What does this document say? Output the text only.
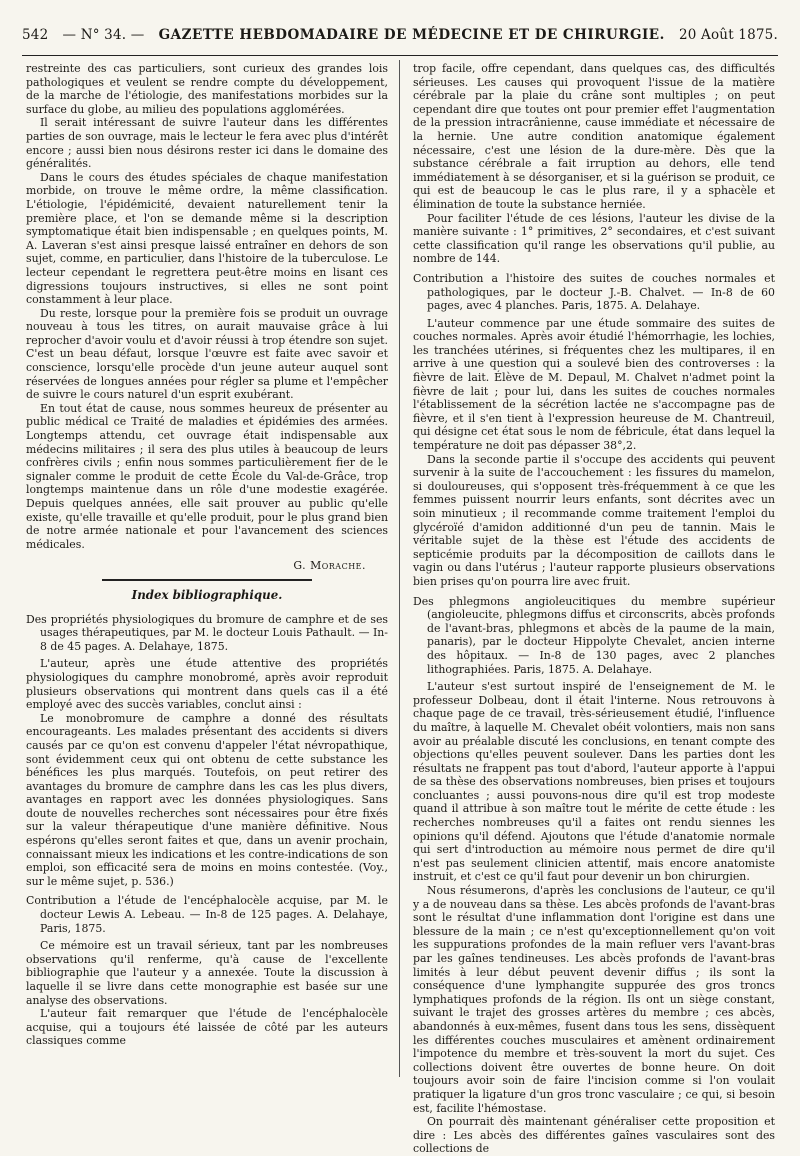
542 — N° 34. — GAZETTE HEBDOMADAIRE DE MÉDECINE ET DE CHIRURGIE. 20 Août 1875.

restreinte des cas particuliers, sont curieux des grandes lois pathologiques et veulent se rendre compte du développement, de la marche de l'étiologie, des manifestations morbides sur la surface du globe, au milieu des populations agglomérées.

Il serait intéressant de suivre l'auteur dans les différentes parties de son ouvrage, mais le lecteur le fera avec plus d'intérêt encore ; aussi bien nous désirons rester ici dans le domaine des généralités.

Dans le cours des études spéciales de chaque manifestation morbide, on trouve le même ordre, la même classification. L'étiologie, l'épidémicité, devaient naturellement tenir la première place, et l'on se demande même si la description symptomatique était bien indispensable ; en quelques points, M. A. Laveran s'est ainsi presque laissé entraîner en dehors de son sujet, comme, en particulier, dans l'histoire de la tuberculose. Le lecteur cependant le regrettera peut-être moins en lisant ces digressions toujours instructives, si elles ne sont point constamment à leur place.

Du reste, lorsque pour la première fois se produit un ouvrage nouveau à tous les titres, on aurait mauvaise grâce à lui reprocher d'avoir voulu et d'avoir réussi à trop étendre son sujet. C'est un beau défaut, lorsque l'œuvre est faite avec savoir et conscience, lorsqu'elle procède d'un jeune auteur auquel sont réservées de longues années pour régler sa plume et l'empêcher de suivre le cours naturel d'un esprit exubérant.

En tout état de cause, nous sommes heureux de présenter au public médical ce Traité de maladies et épidémies des armées. Longtemps attendu, cet ouvrage était indispensable aux médecins militaires ; il sera des plus utiles à beaucoup de leurs confrères civils ; enfin nous sommes particulièrement fier de le signaler comme le produit de cette École du Val-de-Grâce, trop longtemps maintenue dans un rôle d'une modestie exagérée. Depuis quelques années, elle sait prouver au public qu'elle existe, qu'elle travaille et qu'elle produit, pour le plus grand bien de notre armée nationale et pour l'avancement des sciences médicales.

G. Morache.
Index bibliographique.

Des propriétés physiologiques du bromure de camphre et de ses usages thérapeutiques, par M. le docteur Louis Pathault. — In-8 de 45 pages. A. Delahaye, 1875.

L'auteur, après une étude attentive des propriétés physiologiques du camphre monobromé, après avoir reproduit plusieurs observations qui montrent dans quels cas il a été employé avec des succès variables, conclut ainsi :

Le monobromure de camphre a donné des résultats encourageants. Les malades présentant des accidents si divers causés par ce qu'on est convenu d'appeler l'état névropathique, sont évidemment ceux qui ont obtenu de cette substance les bénéfices les plus marqués. Toutefois, on peut retirer des avantages du bromure de camphre dans les cas les plus divers, avantages en rapport avec les données physiologiques. Sans doute de nouvelles recherches sont nécessaires pour être fixés sur la valeur thérapeutique d'une manière définitive. Nous espérons qu'elles seront faites et que, dans un avenir prochain, connaissant mieux les indications et les contre-indications de son emploi, son efficacité sera de moins en moins contestée. (Voy., sur le même sujet, p. 536.)

Contribution a l'étude de l'encéphalocèle acquise, par M. le docteur Lewis A. Lebeau. — In-8 de 125 pages. A. Delahaye, Paris, 1875.

Ce mémoire est un travail sérieux, tant par les nombreuses observations qu'il renferme, qu'à cause de l'excellente bibliographie que l'auteur y a annexée. Toute la discussion à laquelle il se livre dans cette monographie est basée sur une analyse des observations.

L'auteur fait remarquer que l'étude de l'encéphalocèle acquise, qui a toujours été laissée de côté par les auteurs classiques comme

trop facile, offre cependant, dans quelques cas, des difficultés sérieuses. Les causes qui provoquent l'issue de la matière cérébrale par la plaie du crâne sont multiples ; on peut cependant dire que toutes ont pour premier effet l'augmentation de la pression intracrânienne, cause immédiate et nécessaire de la hernie. Une autre condition anatomique également nécessaire, c'est une lésion de la dure-mère. Dès que la substance cérébrale a fait irruption au dehors, elle tend immédiatement à se désorganiser, et si la guérison se produit, ce qui est de beaucoup le cas le plus rare, il y a sphacèle et élimination de toute la substance herniée.

Pour faciliter l'étude de ces lésions, l'auteur les divise de la manière suivante : 1° primitives, 2° secondaires, et c'est suivant cette classification qu'il range les observations qu'il publie, au nombre de 144.

Contribution a l'histoire des suites de couches normales et pathologiques, par le docteur J.-B. Chalvet. — In-8 de 60 pages, avec 4 planches. Paris, 1875. A. Delahaye.

L'auteur commence par une étude sommaire des suites de couches normales. Après avoir étudié l'hémorrhagie, les lochies, les tranchées utérines, si fréquentes chez les multipares, il en arrive à une question qui a soulevé bien des controverses : la fièvre de lait. Élève de M. Depaul, M. Chalvet n'admet point la fièvre de lait ; pour lui, dans les suites de couches normales l'établissement de la sécrétion lactée ne s'accompagne pas de fièvre, et il s'en tient à l'expression heureuse de M. Chantreuil, qui désigne cet état sous le nom de fébricule, état dans lequel la température ne doit pas dépasser 38°,2.

Dans la seconde partie il s'occupe des accidents qui peuvent survenir à la suite de l'accouchement : les fissures du mamelon, si douloureuses, qui s'opposent très-fréquemment à ce que les femmes puissent nourrir leurs enfants, sont décrites avec un soin minutieux ; il recommande comme traitement l'emploi du glycéroïé d'amidon additionné d'un peu de tannin. Mais le véritable sujet de la thèse est l'étude des accidents de septicémie produits par la décomposition de caillots dans le vagin ou dans l'utérus ; l'auteur rapporte plusieurs observations bien prises qu'on pourra lire avec fruit.

Des phlegmons angioleucitiques du membre supérieur (angioleucite, phlegmons diffus et circonscrits, abcès profonds de l'avant-bras, phlegmons et abcès de la paume de la main, panaris), par le docteur Hippolyte Chevalet, ancien interne des hôpitaux. — In-8 de 130 pages, avec 2 planches lithographiées. Paris, 1875. A. Delahaye.

L'auteur s'est surtout inspiré de l'enseignement de M. le professeur Dolbeau, dont il était l'interne. Nous retrouvons à chaque page de ce travail, très-sérieusement étudié, l'influence du maître, à laquelle M. Chevalet obéit volontiers, mais non sans avoir au préalable discuté les conclusions, en tenant compte des objections qu'elles peuvent soulever. Dans les parties dont les résultats ne frappent pas tout d'abord, l'auteur apporte à l'appui de sa thèse des observations nombreuses, bien prises et toujours concluantes ; aussi pouvons-nous dire qu'il est trop modeste quand il attribue à son maître tout le mérite de cette étude : les recherches nombreuses qu'il a faites ont rendu siennes les opinions qu'il défend. Ajoutons que l'étude d'anatomie normale qui sert d'introduction au mémoire nous permet de dire qu'il n'est pas seulement clinicien attentif, mais encore anatomiste instruit, et c'est ce qu'il faut pour devenir un bon chirurgien.

Nous résumerons, d'après les conclusions de l'auteur, ce qu'il y a de nouveau dans sa thèse. Les abcès profonds de l'avant-bras sont le résultat d'une inflammation dont l'origine est dans une blessure de la main ; ce n'est qu'exceptionnellement qu'on voit les suppurations profondes de la main refluer vers l'avant-bras par les gaînes tendineuses. Les abcès profonds de l'avant-bras limités à leur début peuvent devenir diffus ; ils sont la conséquence d'une lymphangite suppurée des gros troncs lymphatiques profonds de la région. Ils ont un siège constant, suivant le trajet des grosses artères du membre ; ces abcès, abandonnés à eux-mêmes, fusent dans tous les sens, dissèquent les différentes couches musculaires et amènent ordinairement l'impotence du membre et très-souvent la mort du sujet. Ces collections doivent être ouvertes de bonne heure. On doit toujours avoir soin de faire l'incision comme si l'on voulait pratiquer la ligature d'un gros tronc vasculaire ; ce qui, si besoin est, facilite l'hémostase.

On pourrait dès maintenant généraliser cette proposition et dire : Les abcès des différentes gaînes vasculaires sont des collections de
